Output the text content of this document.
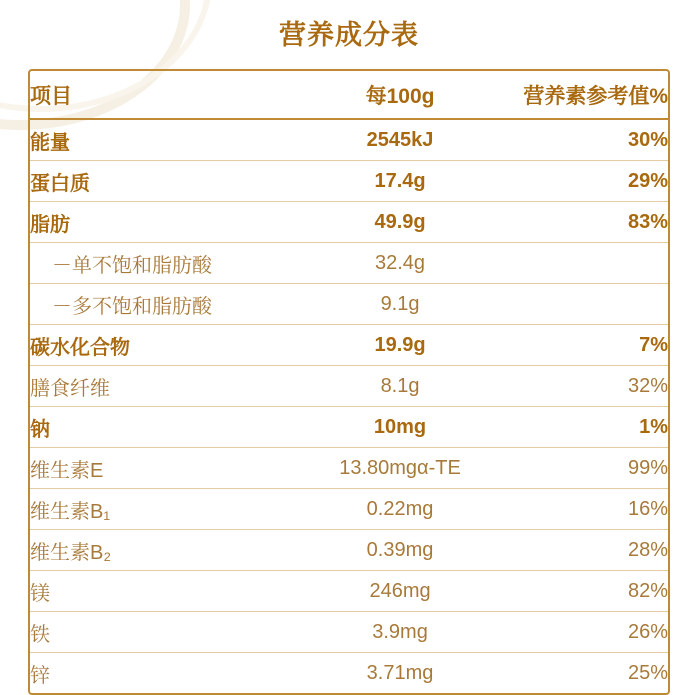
营养成分表
项目	每100g	营养素参考值%
能量	2545kJ	30%
蛋白质	17.4g	29%
脂肪	49.9g	83%
－单不饱和脂肪酸	32.4g	
－多不饱和脂肪酸	9.1g	
碳水化合物	19.9g	7%
膳食纤维	8.1g	32%
钠	10mg	1%
维生素E	13.80mgα-TE	99%
维生素B₁	0.22mg	16%
维生素B₂	0.39mg	28%
镁	246mg	82%
铁	3.9mg	26%
锌	3.71mg	25%
